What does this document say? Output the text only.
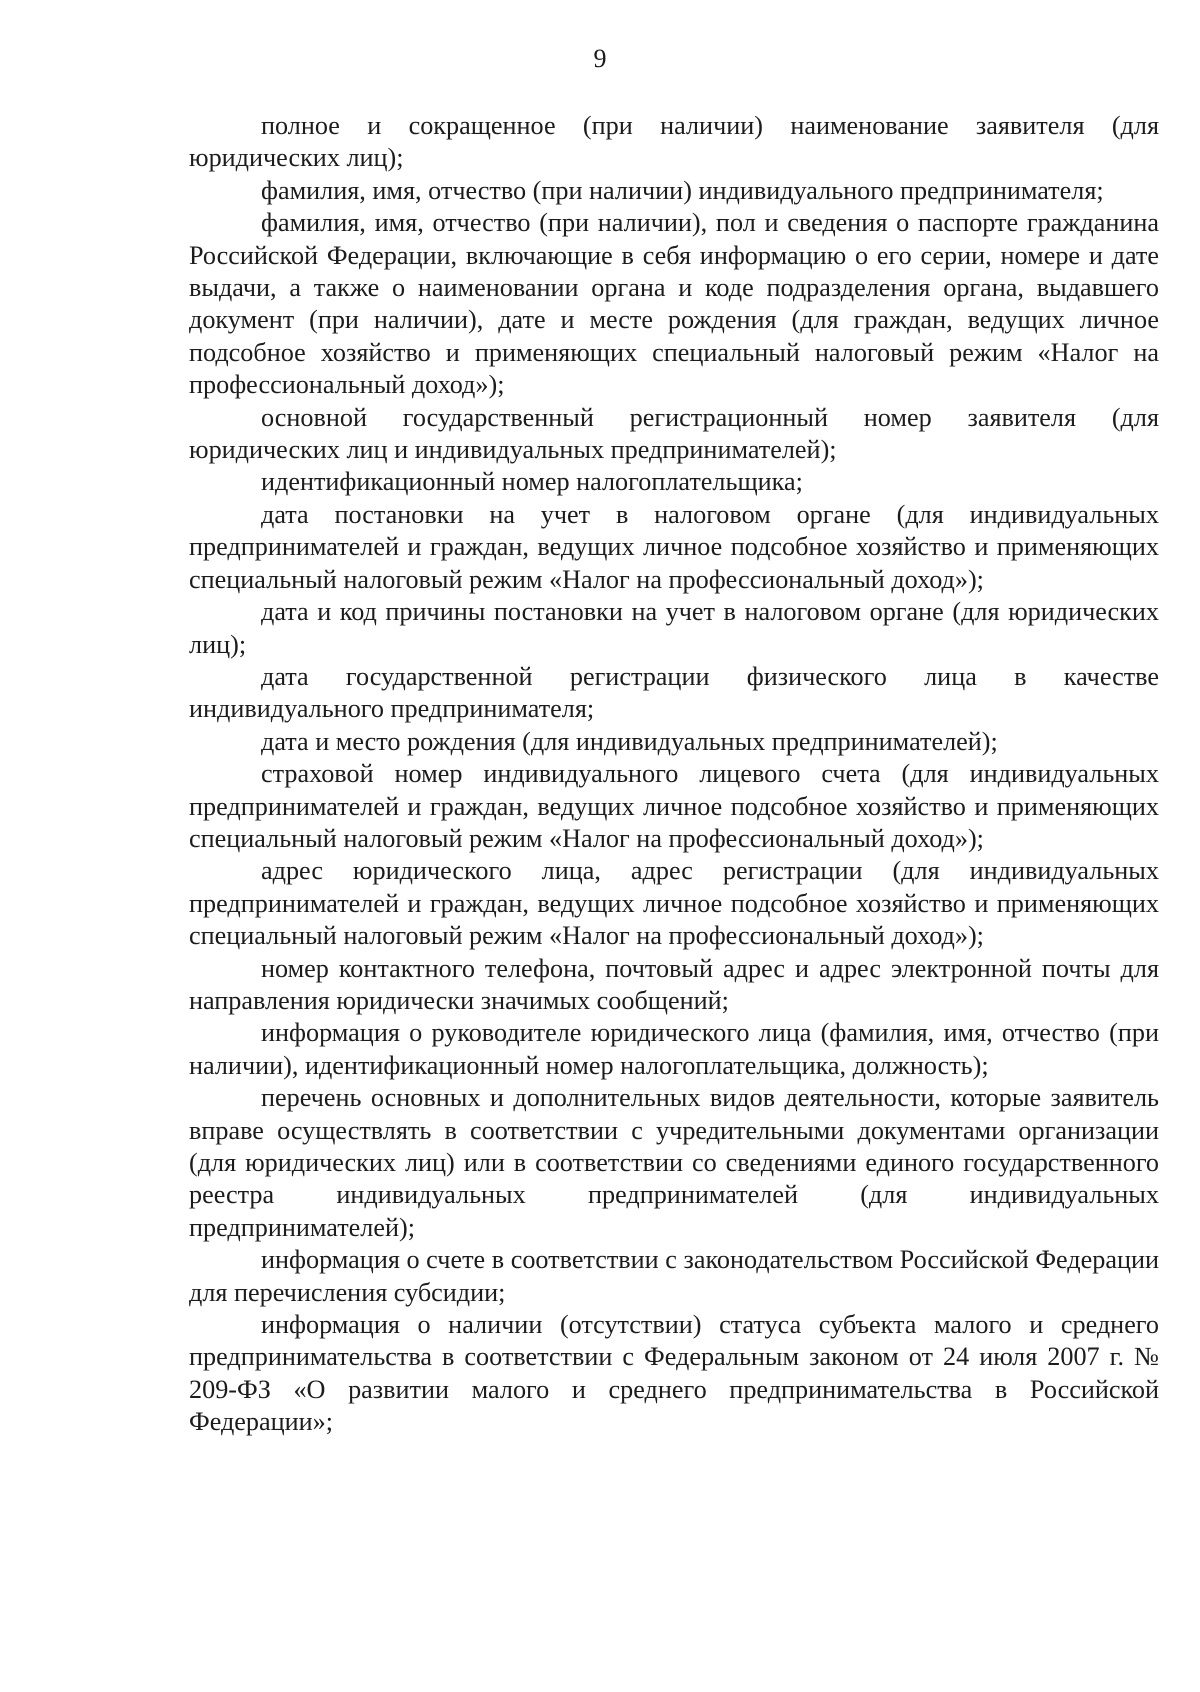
9

полное и сокращенное (при наличии) наименование заявителя (для юридических лиц);

фамилия, имя, отчество (при наличии) индивидуального предпринимателя;

фамилия, имя, отчество (при наличии), пол и сведения о паспорте гражданина Российской Федерации, включающие в себя информацию о его серии, номере и дате выдачи, а также о наименовании органа и коде подразделения органа, выдавшего документ (при наличии), дате и месте рождения (для граждан, ведущих личное подсобное хозяйство и применяющих специальный налоговый режим «Налог на профессиональный доход»);

основной государственный регистрационный номер заявителя (для юридических лиц и индивидуальных предпринимателей);

идентификационный номер налогоплательщика;

дата постановки на учет в налоговом органе (для индивидуальных предпринимателей и граждан, ведущих личное подсобное хозяйство и применяющих специальный налоговый режим «Налог на профессиональный доход»);

дата и код причины постановки на учет в налоговом органе (для юридических лиц);

дата государственной регистрации физического лица в качестве индивидуального предпринимателя;

дата и место рождения (для индивидуальных предпринимателей);

страховой номер индивидуального лицевого счета (для индивидуальных предпринимателей и граждан, ведущих личное подсобное хозяйство и применяющих специальный налоговый режим «Налог на профессиональный доход»);

адрес юридического лица, адрес регистрации (для индивидуальных предпринимателей и граждан, ведущих личное подсобное хозяйство и применяющих специальный налоговый режим «Налог на профессиональный доход»);

номер контактного телефона, почтовый адрес и адрес электронной почты для направления юридически значимых сообщений;

информация о руководителе юридического лица (фамилия, имя, отчество (при наличии), идентификационный номер налогоплательщика, должность);

перечень основных и дополнительных видов деятельности, которые заявитель вправе осуществлять в соответствии с учредительными документами организации (для юридических лиц) или в соответствии со сведениями единого государственного реестра индивидуальных предпринимателей (для индивидуальных предпринимателей);

информация о счете в соответствии с законодательством Российской Федерации для перечисления субсидии;

информация о наличии (отсутствии) статуса субъекта малого и среднего предпринимательства в соответствии с Федеральным законом от 24 июля 2007 г. № 209-ФЗ «О развитии малого и среднего предпринимательства в Российской Федерации»;
